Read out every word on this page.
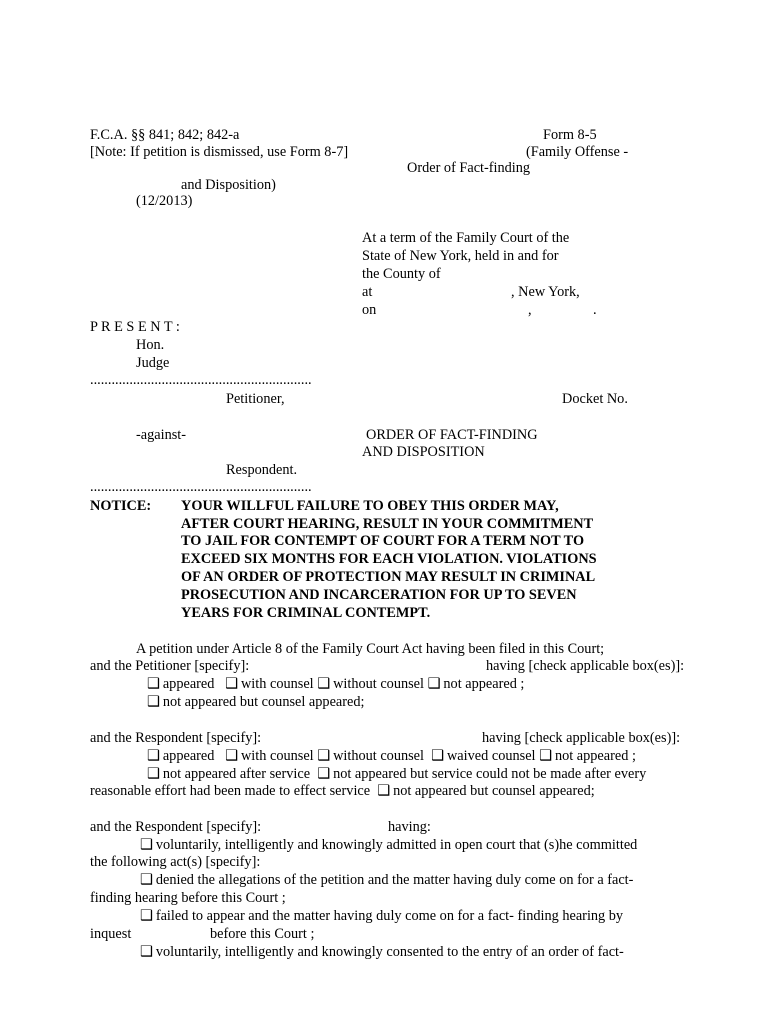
F.C.A. §§ 841; 842; 842-a
[Note: If petition is dismissed, use Form 8-7]
Form 8-5
(Family Offense -
Order of Fact-finding
and Disposition)
(12/2013)
At a term of the Family Court of the
State of New York, held in and for
the County of
at	, New York,
on	,	.
P R E S E N T :
Hon.
Judge
..............................................................
Petitioner,	Docket No.
-against-	ORDER OF FACT-FINDING
AND DISPOSITION
Respondent.
..............................................................
NOTICE: YOUR WILLFUL FAILURE TO OBEY THIS ORDER MAY,
AFTER COURT HEARING, RESULT IN YOUR COMMITMENT
TO JAIL FOR CONTEMPT OF COURT FOR A TERM NOT TO
EXCEED SIX MONTHS FOR EACH VIOLATION. VIOLATIONS
OF AN ORDER OF PROTECTION MAY RESULT IN CRIMINAL
PROSECUTION AND INCARCERATION FOR UP TO SEVEN
YEARS FOR CRIMINAL CONTEMPT.
A petition under Article 8 of the Family Court Act having been filed in this Court;
and the Petitioner [specify]:	having [check applicable box(es)]:
❑ appeared ❑ with counsel ❑ without counsel ❑ not appeared ;
❑ not appeared but counsel appeared;
and the Respondent [specify]:	having [check applicable box(es)]:
❑ appeared ❑ with counsel ❑ without counsel ❑ waived counsel ❑ not appeared ;
❑ not appeared after service ❑ not appeared but service could not be made after every
reasonable effort had been made to effect service ❑ not appeared but counsel appeared;
and the Respondent [specify]:	having:
❑ voluntarily, intelligently and knowingly admitted in open court that (s)he committed
the following act(s) [specify]:
❑ denied the allegations of the petition and the matter having duly come on for a fact-
finding hearing before this Court ;
❑ failed to appear and the matter having duly come on for a fact- finding hearing by
inquest	before this Court ;
❑ voluntarily, intelligently and knowingly consented to the entry of an order of fact-
